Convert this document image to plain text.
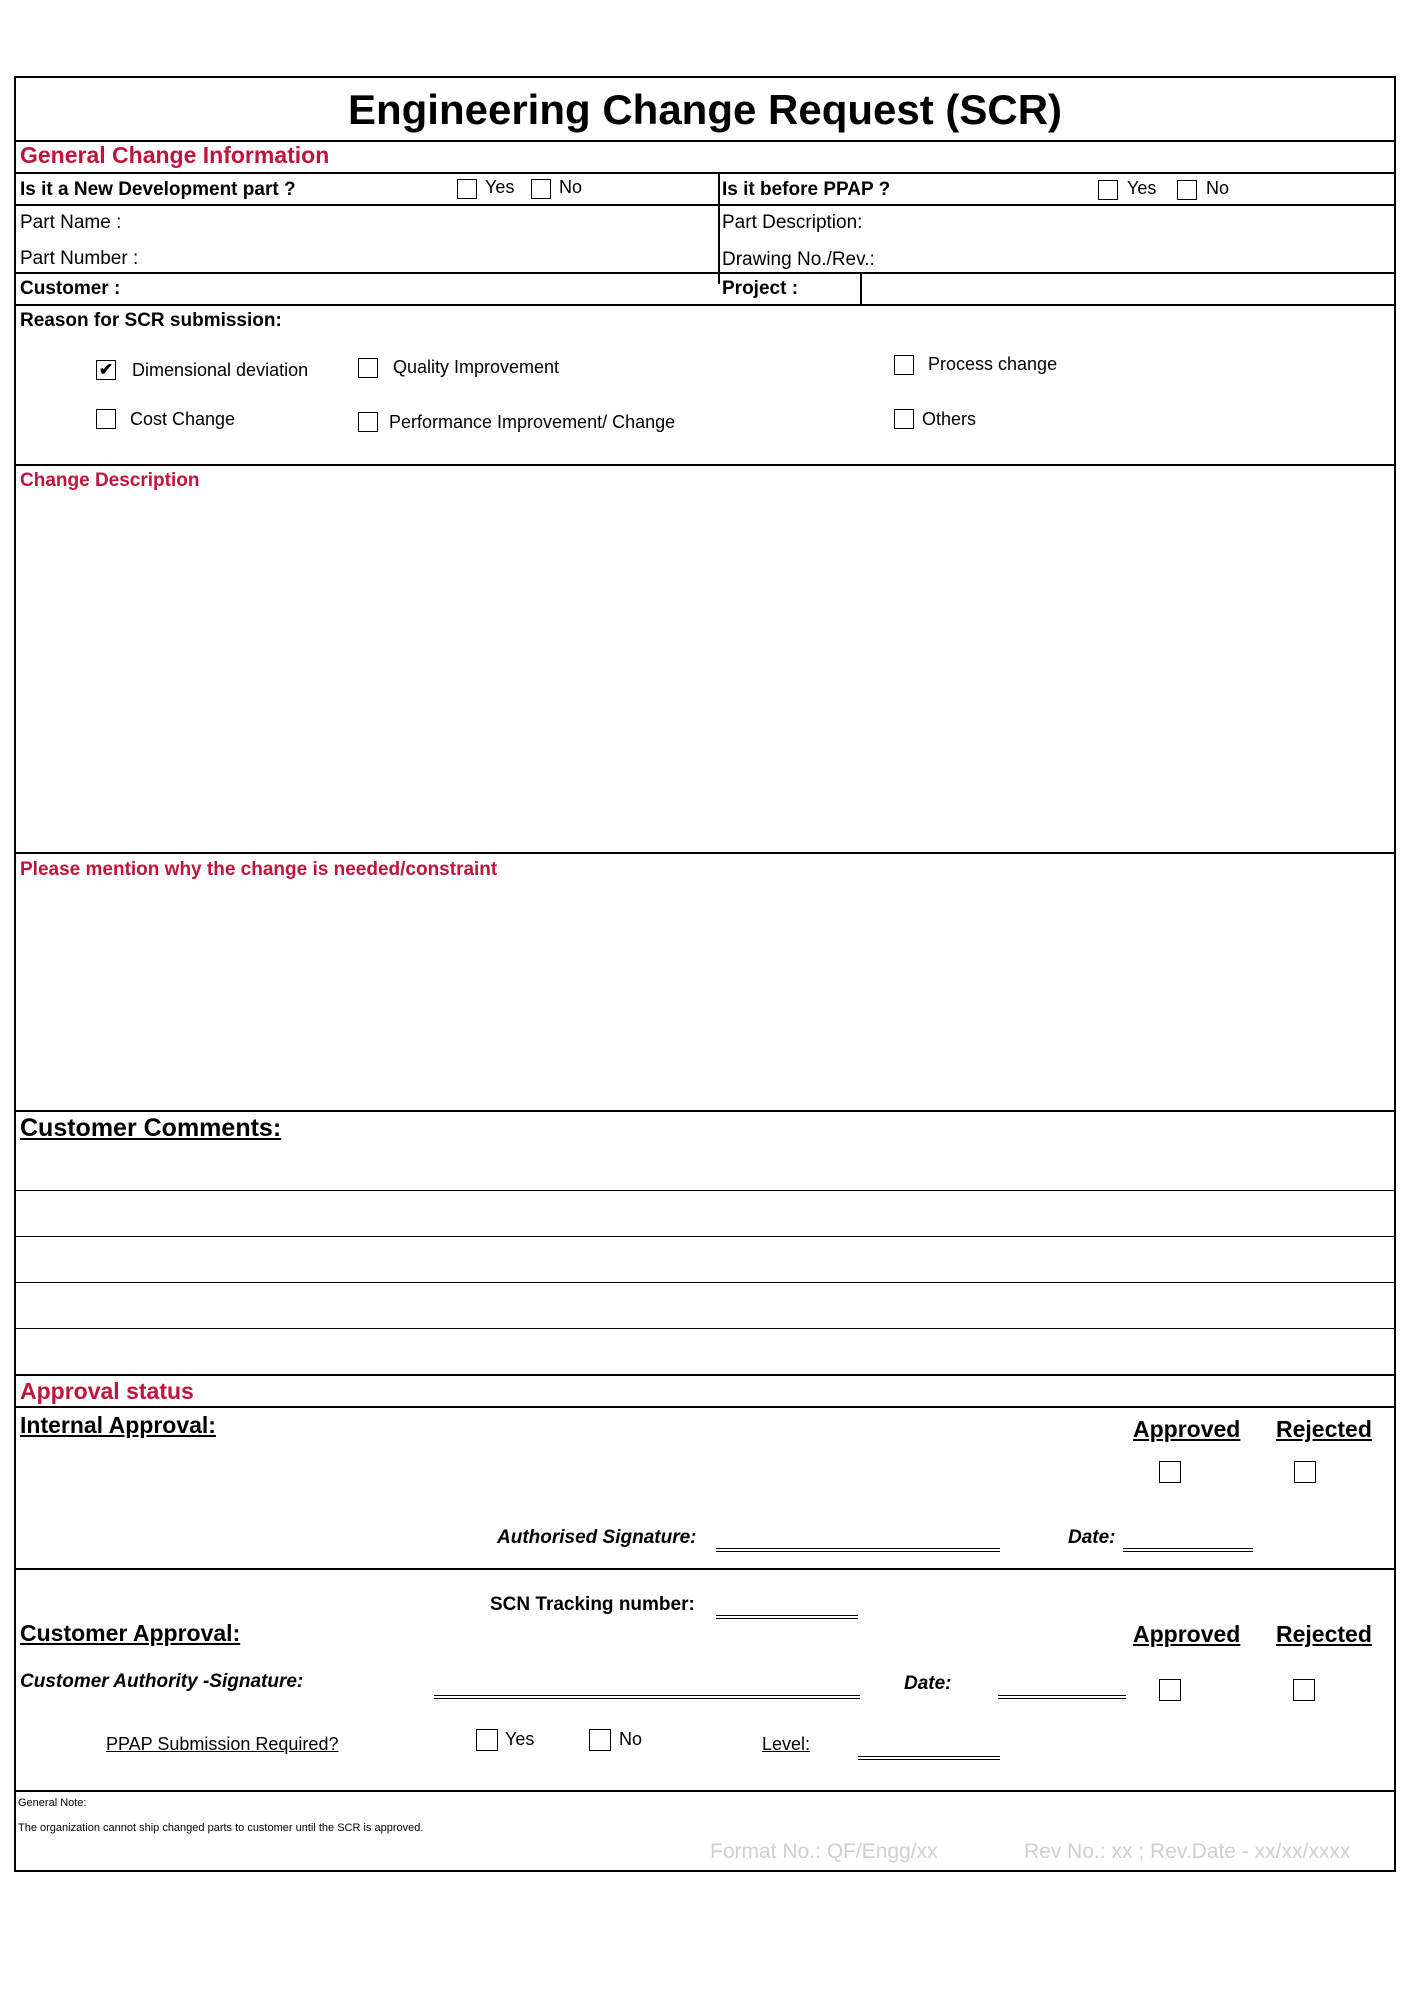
Engineering Change Request (SCR)
General Change Information
Is it a New Development part ?	Yes No	Is it before PPAP ?	Yes	No
Part Name :	Part Description:
Part Number :	Drawing No./Rev.:
Customer :	Project :
Reason for SCR submission:
✔ Dimensional deviation	Quality Improvement	Process change
Cost Change	Performance Improvement/ Change	Others
Change Description
Please mention why the change is needed/constraint
Customer Comments:
Approval status
Internal Approval:	Approved Rejected
Authorised Signature:	Date:
SCN Tracking number:
Customer Approval:	Approved Rejected
Customer Authority -Signature:	Date:
PPAP Submission Required?	Yes	No	Level:
General Note:
The organization cannot ship changed parts to customer until the SCR is approved.
Format No.: QF/Engg/xx	Rev No.: xx ; Rev.Date - xx/xx/xxxx
